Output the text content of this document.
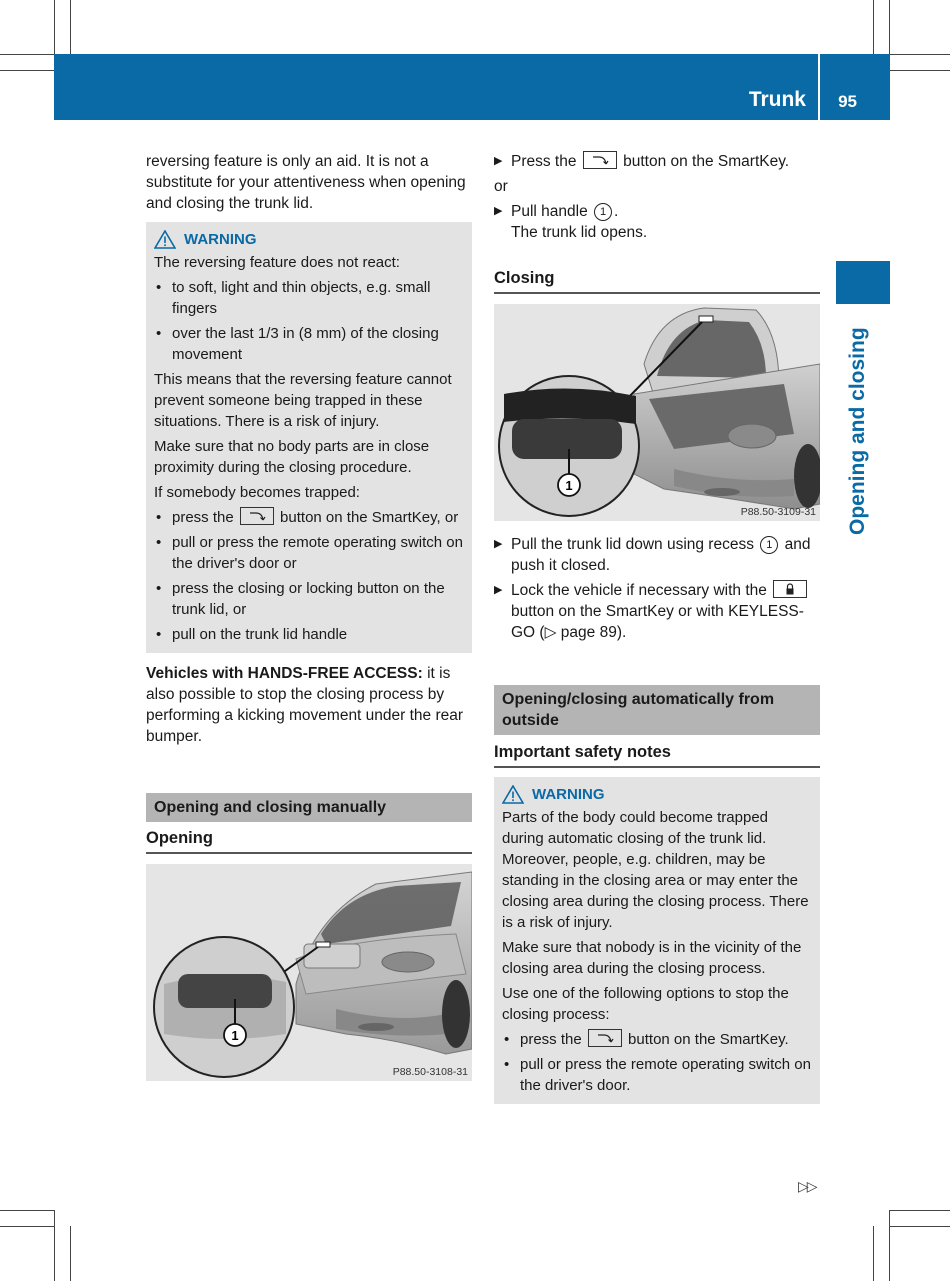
Trunk 95
Opening and closing

reversing feature is only an aid. It is not a substitute for your attentiveness when opening and closing the trunk lid.

WARNING

The reversing feature does not react:

• to soft, light and thin objects, e.g. small fingers
• over the last 1/3 in (8 mm) of the closing movement

This means that the reversing feature cannot prevent someone being trapped in these situations. There is a risk of injury.

Make sure that no body parts are in close proximity during the closing procedure.

If somebody becomes trapped:

• press the	button on the SmartKey, or
• pull or press the remote operating switch on the driver's door or
• press the closing or locking button on the trunk lid, or
• pull on the trunk lid handle

Vehicles with HANDS-FREE ACCESS: it is also possible to stop the closing process by performing a kicking movement under the rear bumper.

Opening and closing manually
Opening
1
P88.50-3108-31
▶ Press the	button on the SmartKey.

or

▶ Pull handle 1 .
The trunk lid opens.
Closing
1
P88.50-3109-31
▶ Pull the trunk lid down using recess 1 and push it closed.
▶ Lock the vehicle if necessary with the
button on the SmartKey or with KEYLESS-GO (▷ page 89).
Opening/closing automatically from outside
Important safety notes
WARNING

Parts of the body could become trapped during automatic closing of the trunk lid. Moreover, people, e.g. children, may be standing in the closing area or may enter the closing area during the closing process. There is a risk of injury.

Make sure that nobody is in the vicinity of the closing area during the closing process.

Use one of the following options to stop the closing process:

• press the	button on the SmartKey.
• pull or press the remote operating switch on the driver's door.
▷▷
